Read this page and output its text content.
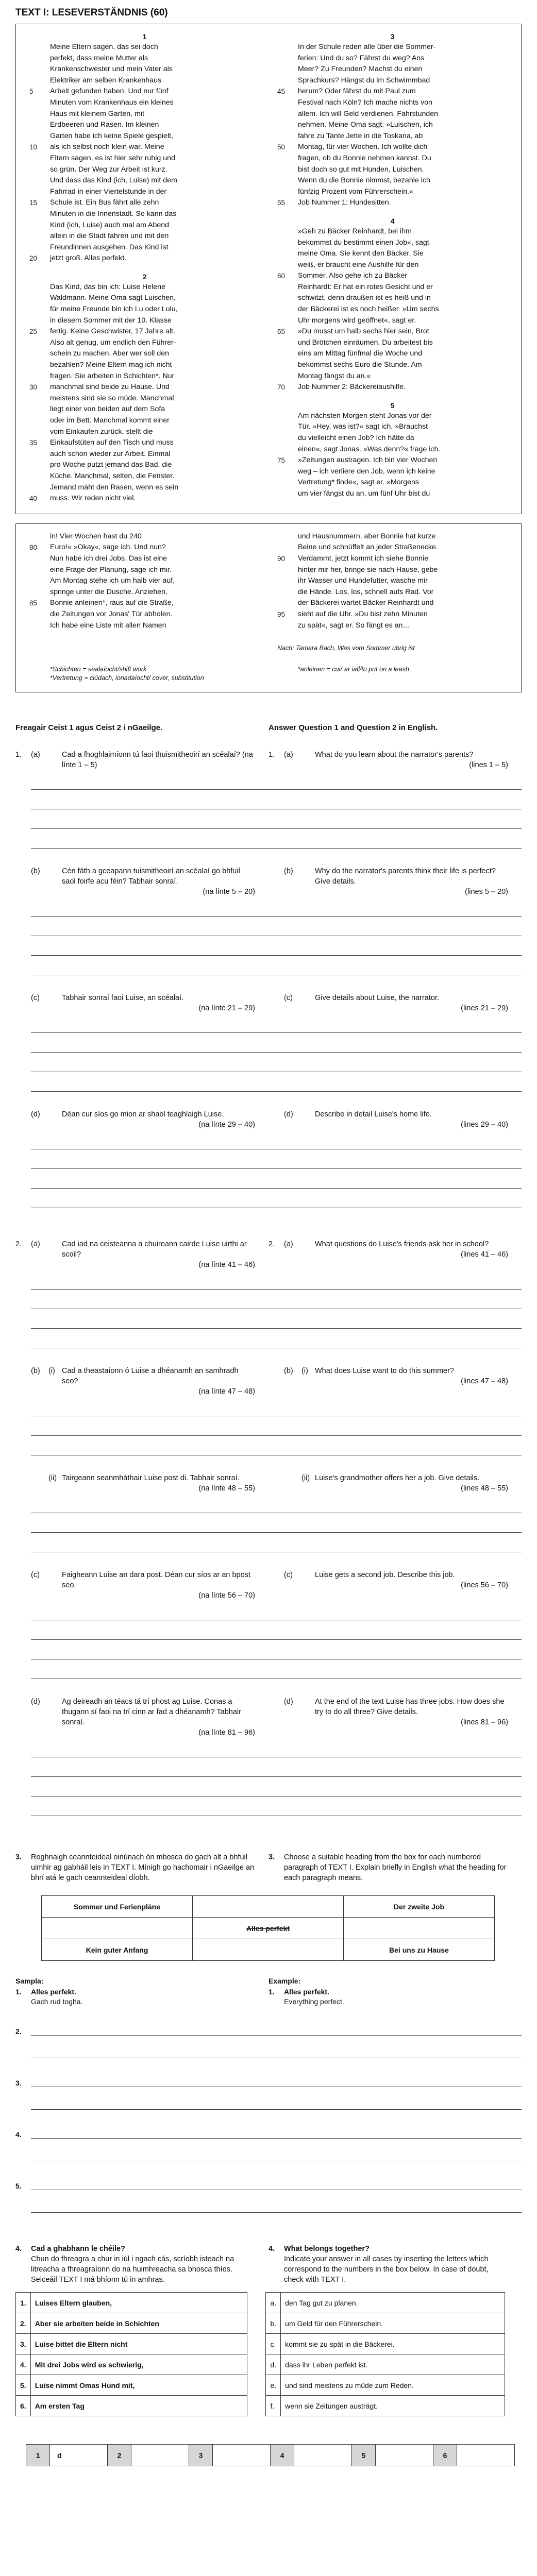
TEXT I: LESEVERSTÄNDNIS (60)
1
Meine Eltern sagen, das sei doch
perfekt, dass meine Mutter als
Krankenschwester und mein Vater als
Elektriker am selben Krankenhaus
5	Arbeit gefunden haben. Und nur fünf
Minuten vom Krankenhaus ein kleines
Haus mit kleinem Garten, mit
Erdbeeren und Rasen. Im kleinen
Garten habe ich keine Spiele gespielt,
10	als ich selbst noch klein war. Meine
Eltern sagen, es ist hier sehr ruhig und
so grün. Der Weg zur Arbeit ist kurz.
Und dass das Kind (ich, Luise) mit dem
Fahrrad in einer Viertelstunde in der
15	Schule ist. Ein Bus fährt alle zehn
Minuten in die Innenstadt. So kann das
Kind (ich, Luise) auch mal am Abend
allein in die Stadt fahren und mit den
Freundinnen ausgehen. Das Kind ist
20	jetzt groß. Alles perfekt.
2
Das Kind, das bin ich: Luise Helene
Waldmann. Meine Oma sagt Luischen,
für meine Freunde bin ich Lu oder Lulu,
in diesem Sommer mit der 10. Klasse
25	fertig. Keine Geschwister, 17 Jahre alt.
Also alt genug, um endlich den Führer-
schein zu machen. Aber wer soll den
bezahlen? Meine Eltern mag ich nicht
fragen. Sie arbeiten in Schichten*. Nur
30	manchmal sind beide zu Hause. Und
meistens sind sie so müde. Manchmal
liegt einer von beiden auf dem Sofa
oder im Bett. Manchmal kommt einer
vom Einkaufen zurück, stellt die
35	Einkaufstüten auf den Tisch und muss
auch schon wieder zur Arbeit. Einmal
pro Woche putzt jemand das Bad, die
Küche. Manchmal, selten, die Fenster.
Jemand mäht den Rasen, wenn es sein
40	muss. Wir reden nicht viel.
3
In der Schule reden alle über die Sommer-
ferien: Und du so? Fährst du weg? Ans
Meer? Zu Freunden? Machst du einen
Sprachkurs? Hängst du im Schwimmbad
45	herum? Oder fährst du mit Paul zum
Festival nach Köln? Ich mache nichts von
allem. Ich will Geld verdienen, Fahrstunden
nehmen. Meine Oma sagt: »Luischen, ich
fahre zu Tante Jette in die Toskana, ab
50	Montag, für vier Wochen. Ich wollte dich
fragen, ob du Bonnie nehmen kannst. Du
bist doch so gut mit Hunden, Luischen.
Wenn du die Bonnie nimmst, bezahle ich
fünfzig Prozent vom Führerschein.«
55	Job Nummer 1: Hundesitten.
4
»Geh zu Bäcker Reinhardt, bei ihm
bekommst du bestimmt einen Job«, sagt
meine Oma. Sie kennt den Bäcker. Sie
weiß, er braucht eine Aushilfe für den
60	Sommer. Also gehe ich zu Bäcker
Reinhardt: Er hat ein rotes Gesicht und er
schwitzt, denn draußen ist es heiß und in
der Bäckerei ist es noch heißer. »Um sechs
Uhr morgens wird geöffnet«, sagt er.
65	»Du musst um halb sechs hier sein, Brot
und Brötchen einräumen. Du arbeitest bis
eins am Mittag fünfmal die Woche und
bekommst sechs Euro die Stunde. Am
Montag fängst du an.«
70	Job Nummer 2: Bäckereiaushilfe.
5
Am nächsten Morgen steht Jonas vor der
Tür. »Hey, was ist?« sagt ich. »Brauchst
du vielleicht einen Job? Ich hätte da
einen«, sagt Jonas. »Was denn?« frage ich.
75	»Zeitungen austragen. Ich bin vier Wochen
weg – ich verliere den Job, wenn ich keine
Vertretung* finde«, sagt er. »Morgens
um vier fängst du an, um fünf Uhr bist du
in! Vier Wochen hast du 240
80	Euro!« »Okay«, sage ich. Und nun?
Nun habe ich drei Jobs. Das ist eine
eine Frage der Planung, sage ich mir.
Am Montag stehe ich um halb vier auf,
springe unter die Dusche. Anziehen,
85	Bonnie anleinen*, raus auf die Straße,
die Zeitungen vor Jonas' Tür abholen.
Ich habe eine Liste mit allen Namen
und Hausnummern, aber Bonnie hat kurze
Beine und schnüffelt an jeder Straßenecke.
90	Verdammt, jetzt kommt ich siehe Bonnie
hinter mir her, bringe sie nach Hause, gebe
ihr Wasser und Hundefutter, wasche mir
die Hände. Los, los, schnell aufs Rad. Vor
der Bäckerei wartet Bäcker Reinhardt und
95	sieht auf die Uhr. »Du bist zehn Minuten
zu spät«, sagt er. So fängt es an…
Nach: Tamara Bach, Was vom Sommer übrig ist
*Schichten = sealaíocht/shift work
*Vertretung = clúdach, ionadaíocht/ cover, substitution
*anleinen = cuir ar iall/to put on a leash
Freagair Ceist 1 agus Ceist 2 i nGaeilge.	Answer Question 1 and Question 2 in English.
1.	(a)	Cad a fhoghlaimíonn tú faoi thuismitheoirí an scéalaí? (na línte 1 – 5)
1.	(a)	What do you learn about the narrator's parents?
(lines 1 – 5)
(b)	Cén fáth a gceapann tuismitheoirí an scéalaí go bhfuil saol foirfe acu féin? Tabhair sonraí.
(na línte 5 – 20)
(b)	Why do the narrator's parents think their life is perfect? Give details.
(lines 5 – 20)
(c)	Tabhair sonraí faoi Luise, an scéalaí.
(na línte 21 – 29)
(c)	Give details about Luise, the narrator.
(lines 21 – 29)
(d)	Déan cur síos go mion ar shaol teaghlaigh Luise.
(na línte 29 – 40)
(d)	Describe in detail Luise's home life.
(lines 29 – 40)
2.	(a)	Cad iad na ceisteanna a chuireann cairde Luise uirthi ar scoil?
(na línte 41 – 46)
2.	(a)	What questions do Luise's friends ask her in school?
(lines 41 – 46)
(b)	(i) Cad a theastaíonn ó Luise a dhéanamh an samhradh seo?
(na línte 47 – 48)
(b)	(i) What does Luise want to do this summer?
(lines 47 – 48)
(ii) Tairgeann seanmháthair Luise post di. Tabhair sonraí.
(na línte 48 – 55)
(ii) Luise's grandmother offers her a job. Give details.
(lines 48 – 55)
(c)	Faigheann Luise an dara post. Déan cur síos ar an bpost seo.
(na línte 56 – 70)
(c)	Luise gets a second job. Describe this job.
(lines 56 – 70)
(d)	Ag deireadh an téacs tá trí phost ag Luise. Conas a thugann sí faoi na trí cinn ar fad a dhéanamh? Tabhair sonraí.
(na línte 81 – 96)
(d)	At the end of the text Luise has three jobs. How does she try to do all three? Give details.
(lines 81 – 96)
3.	Roghnaigh ceannteideal oiriúnach ón mbosca do gach alt a bhfuil uimhir ag gabháil leis in TEXT I. Mínigh go hachomair i nGaeilge an bhrí atá le gach ceannteideal díobh.
3.	Choose a suitable heading from the box for each numbered paragraph of TEXT I. Explain briefly in English what the heading for each paragraph means.
Sommer und Ferienpläne		Der zweite Job
	Alles perfekt	
Kein guter Anfang		Bei uns zu Hause
Sampla:
1.	Alles perfekt.
Gach rud togha.
Example:
1.	Alles perfekt.
Everything perfect.
2.
3.
4.
5.
4.	Cad a ghabhann le chéile?
Chun do fhreagra a chur in iúl i ngach cás, scríobh isteach na litreacha a fhreagraíonn do na huimhreacha sa bhosca thíos. Seiceáil TEXT I má bhíonn tú in amhras.
4.	What belongs together?
Indicate your answer in all cases by inserting the letters which correspond to the numbers in the box below. In case of doubt, check with TEXT I.
1.	Luises Eltern glauben,		a.	den Tag gut zu planen.
2.	Aber sie arbeiten beide in Schichten		b.	um Geld für den Führerschein.
3.	Luise bittet die Eltern nicht		c.	kommt sie zu spät in die Bäckerei.
4.	Mit drei Jobs wird es schwierig,		d.	dass ihr Leben perfekt ist.
5.	Luise nimmt Omas Hund mit,		e.	und sind meistens zu müde zum Reden.
6.	Am ersten Tag		f.	wenn sie Zeitungen austrägt.
1	d	2		3		4		5		6	
